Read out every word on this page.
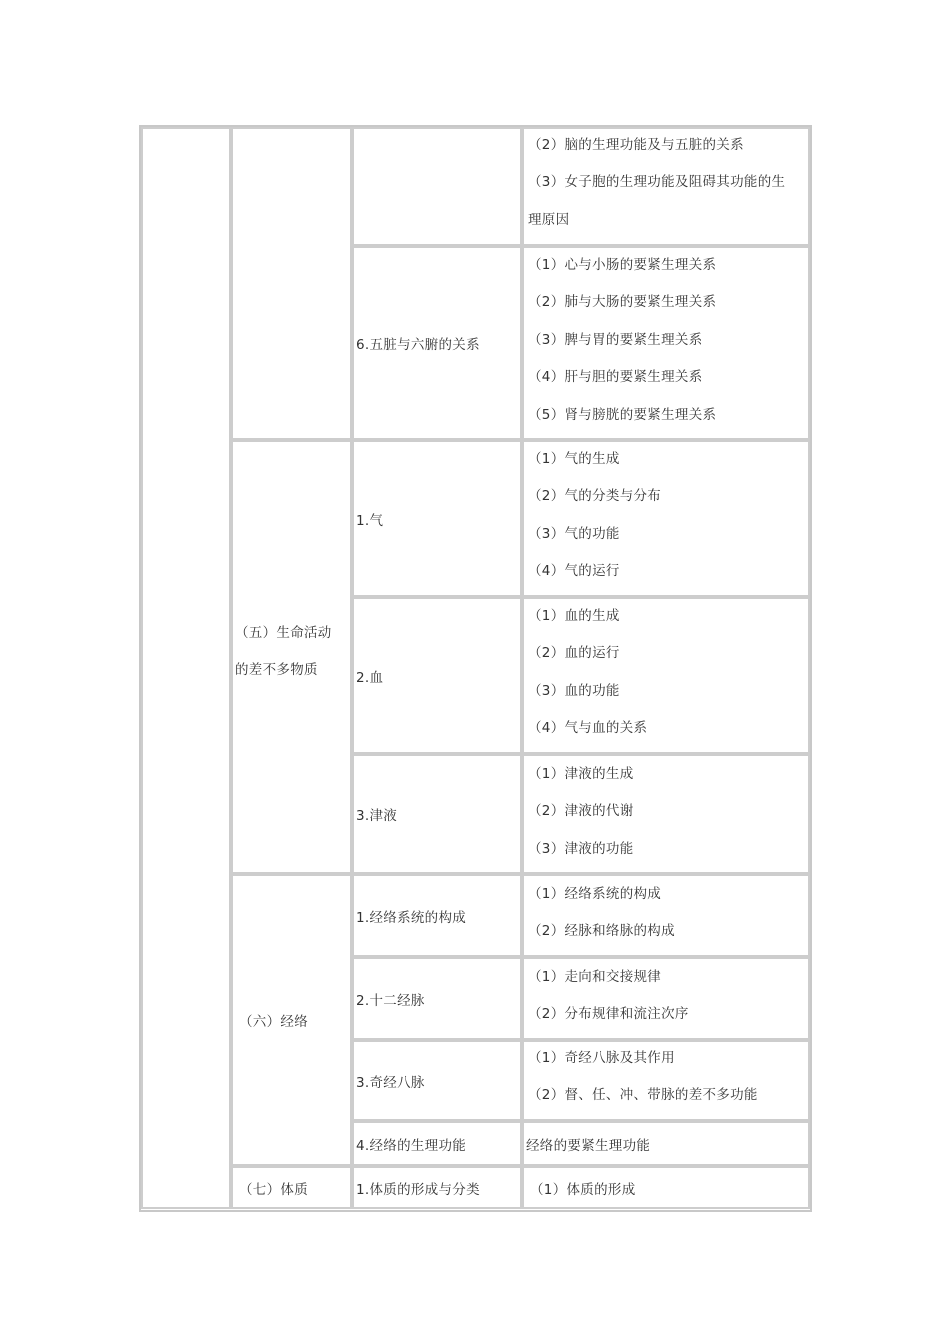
（五）生命活动
的差不多物质
（六）经络
（七）体质
（2）脑的生理功能及与五脏的关系
（3）女子胞的生理功能及阻碍其功能的生
理原因
6.五脏与六腑的关系
（1）心与小肠的要紧生理关系
（2）肺与大肠的要紧生理关系
（3）脾与胃的要紧生理关系
（4）肝与胆的要紧生理关系
（5）肾与膀胱的要紧生理关系
1.气
（1）气的生成
（2）气的分类与分布
（3）气的功能
（4）气的运行
2.血
（1）血的生成
（2）血的运行
（3）血的功能
（4）气与血的关系
3.津液
（1）津液的生成
（2）津液的代谢
（3）津液的功能
1.经络系统的构成
（1）经络系统的构成
（2）经脉和络脉的构成
2.十二经脉
（1）走向和交接规律
（2）分布规律和流注次序
3.奇经八脉
（1）奇经八脉及其作用
（2）督、任、冲、带脉的差不多功能
4.经络的生理功能	经络的要紧生理功能
1.体质的形成与分类	（1）体质的形成
